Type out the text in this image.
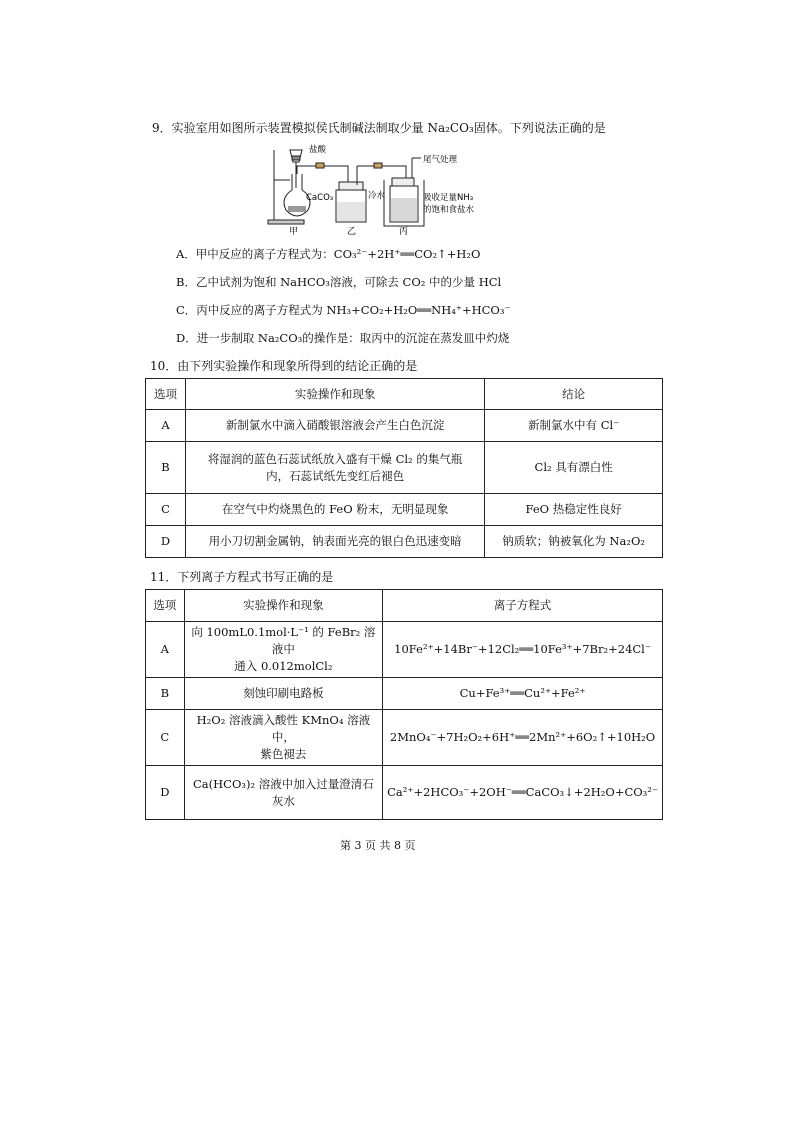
9．实验室用如图所示装置模拟侯氏制碱法制取少量 Na₂CO₃固体。下列说法正确的是
盐酸
CaCO₃	冷水
尾气处理
吸收足量NH₃
的饱和食盐水
甲	乙	丙
A．甲中反应的离子方程式为：CO₃²⁻+2H⁺══CO₂↑+H₂O
B．乙中试剂为饱和 NaHCO₃溶液，可除去 CO₂ 中的少量 HCl
C．丙中反应的离子方程式为 NH₃+CO₂+H₂O══NH₄⁺+HCO₃⁻
D．进一步制取 Na₂CO₃的操作是：取丙中的沉淀在蒸发皿中灼烧
10．由下列实验操作和现象所得到的结论正确的是
选项	实验操作和现象	结论
A	新制氯水中滴入硝酸银溶液会产生白色沉淀	新制氯水中有 Cl⁻
B	将湿润的蓝色石蕊试纸放入盛有干燥 Cl₂ 的集气瓶
内，石蕊试纸先变红后褪色	Cl₂ 具有漂白性
C	在空气中灼烧黑色的 FeO 粉末，无明显现象	FeO 热稳定性良好
D	用小刀切割金属钠，钠表面光亮的银白色迅速变暗	钠质软；钠被氧化为 Na₂O₂
11．下列离子方程式书写正确的是
选项	实验操作和现象	离子方程式
A	向 100mL0.1mol·L⁻¹ 的 FeBr₂ 溶液中
通入 0.012molCl₂	10Fe²⁺+14Br⁻+12Cl₂══10Fe³⁺+7Br₂+24Cl⁻
B	刻蚀印刷电路板	Cu+Fe³⁺══Cu²⁺+Fe²⁺
C	H₂O₂ 溶液滴入酸性 KMnO₄ 溶液中，
紫色褪去	2MnO₄⁻+7H₂O₂+6H⁺══2Mn²⁺+6O₂↑+10H₂O
D	Ca(HCO₃)₂ 溶液中加入过量澄清石
灰水	Ca²⁺+2HCO₃⁻+2OH⁻══CaCO₃↓+2H₂O+CO₃²⁻
第 3 页 共 8 页
